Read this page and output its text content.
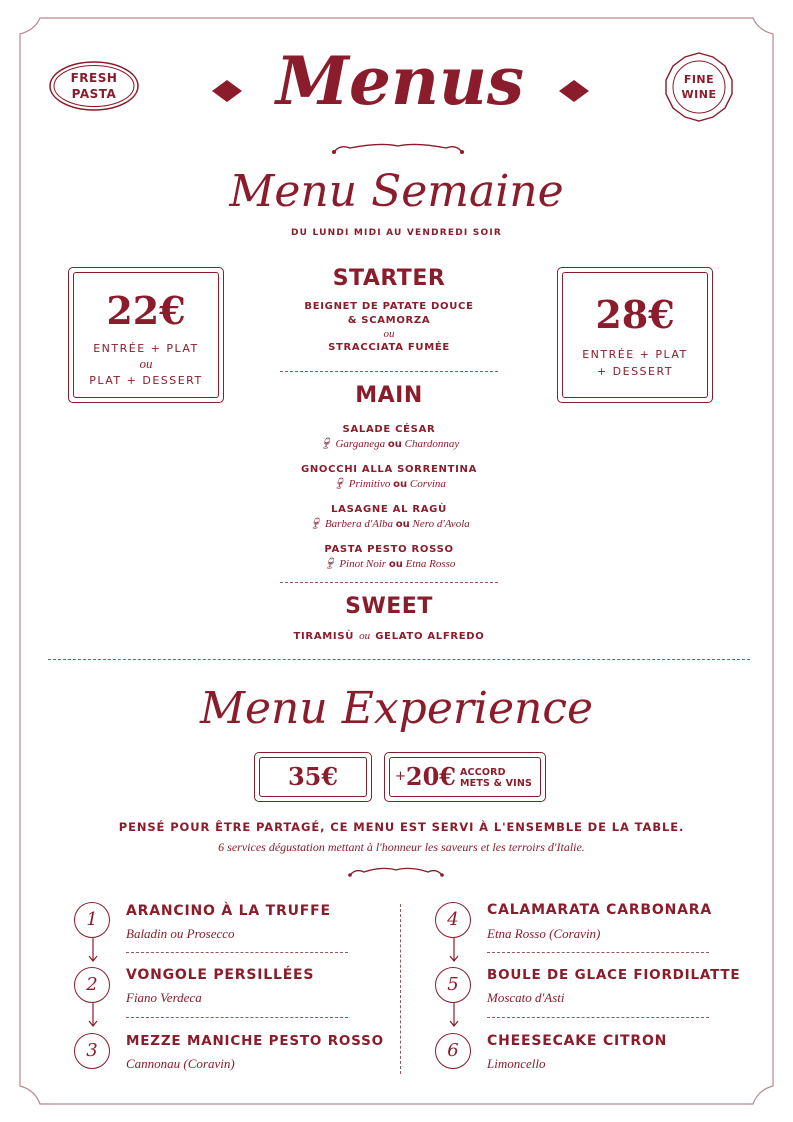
FRESH
PASTA	Menus	FINE
WINE
Menu Semaine
DU LUNDI MIDI AU VENDREDI SOIR
22€
ENTRÉE + PLAT
ou
PLAT + DESSERT
28€
ENTRÉE + PLAT
+ DESSERT
STARTER
BEIGNET DE PATATE DOUCE
& SCAMORZA
ou
STRACCIATA FUMÉE
MAIN
SALADE CÉSAR
🍷︎ Garganega ou Chardonnay
GNOCCHI ALLA SORRENTINA
🍷︎ Primitivo ou Corvina
LASAGNE AL RAGÙ
🍷︎ Barbera d'Alba ou Nero d'Avola
PASTA PESTO ROSSO
🍷︎ Pinot Noir ou Etna Rosso
SWEET
TIRAMISÙ ou GELATO ALFREDO
Menu Experience
35€	+20€ ACCORD
METS & VINS
PENSÉ POUR ÊTRE PARTAGÉ, CE MENU EST SERVI À L'ENSEMBLE DE LA TABLE.
6 services dégustation mettant à l'honneur les saveurs et les terroirs d'Italie.
1	ARANCINO À LA TRUFFE
Baladin ou Prosecco
2	VONGOLE PERSILLÉES
Fiano Verdeca
3	MEZZE MANICHE PESTO ROSSO
Cannonau (Coravin)
4	CALAMARATA CARBONARA
Etna Rosso (Coravin)
5	BOULE DE GLACE FIORDILATTE
Moscato d'Asti
6	CHEESECAKE CITRON
Limoncello
